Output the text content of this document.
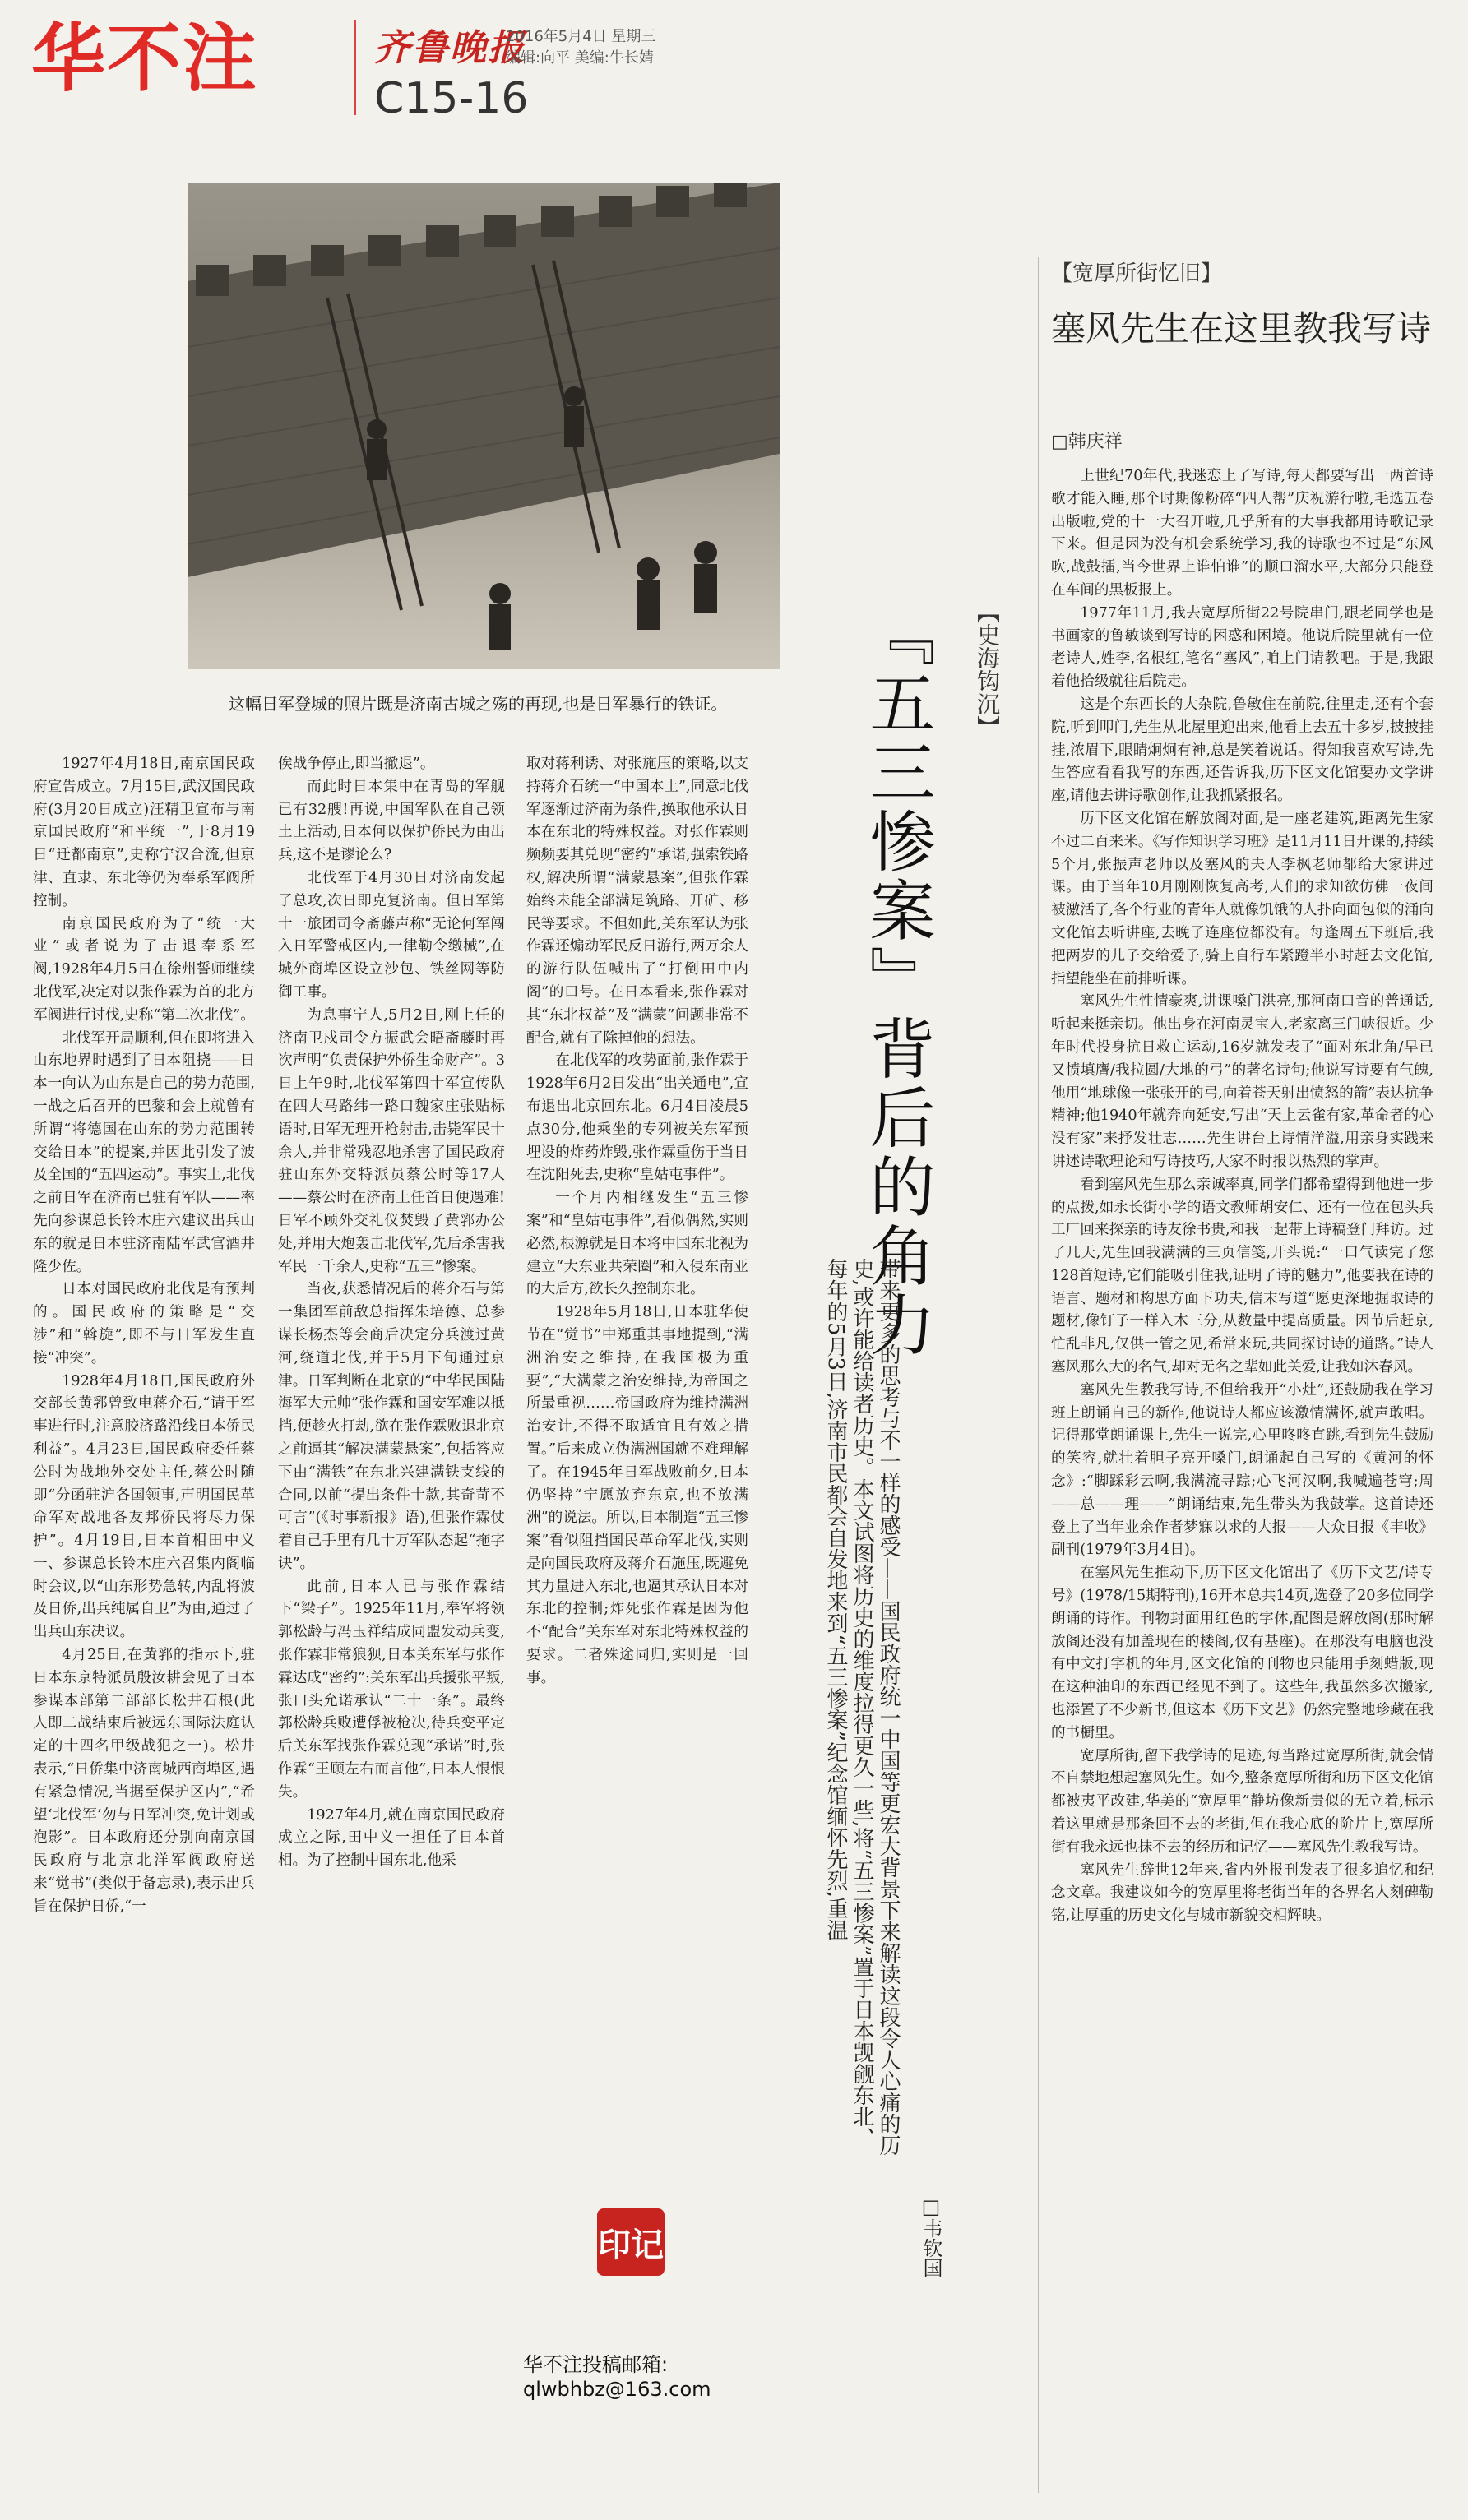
华不注	齐鲁晚报
C15-16
2016年5月4日 星期三
编辑:向平 美编:牛长婧
这幅日军登城的照片既是济南古城之殇的再现,也是日军暴行的铁证。	【史海钩沉】
『五三惨案』背后的角力
带来更多的思考与不一样的感受——国民政府统一中国等更宏大背景下来解读这段令人心痛的历史,或许能给读者历史。本文试图将历史的维度拉得更久一些,将“五三惨案”置于日本觊觎东北、每年的5月3日,济南市民都会自发地来到“五三惨案”纪念馆缅怀先烈,重温
□韦钦国

1927年4月18日,南京国民政府宣告成立。7月15日,武汉国民政府(3月20日成立)汪精卫宣布与南京国民政府“和平统一”,于8月19日“迁都南京”,史称宁汉合流,但京津、直隶、东北等仍为奉系军阀所控制。

南京国民政府为了“统一大业”或者说为了击退奉系军阀,1928年4月5日在徐州誓师继续北伐军,决定对以张作霖为首的北方军阀进行讨伐,史称“第二次北伐”。

北伐军开局顺利,但在即将进入山东地界时遇到了日本阻挠——日本一向认为山东是自己的势力范围,一战之后召开的巴黎和会上就曾有所谓“将德国在山东的势力范围转交给日本”的提案,并因此引发了波及全国的“五四运动”。事实上,北伐之前日军在济南已驻有军队——率先向参谋总长铃木庄六建议出兵山东的就是日本驻济南陆军武官酒井隆少佐。

日本对国民政府北伐是有预判的。国民政府的策略是“交涉”和“斡旋”,即不与日军发生直接“冲突”。

1928年4月18日,国民政府外交部长黄郛曾致电蒋介石,“请于军事进行时,注意胶济路沿线日本侨民利益”。4月23日,国民政府委任蔡公时为战地外交处主任,蔡公时随即“分函驻沪各国领事,声明国民革命军对战地各友邦侨民将尽力保护”。4月19日,日本首相田中义一、参谋总长铃木庄六召集内阁临时会议,以“山东形势急转,内乱将波及日侨,出兵纯属自卫”为由,通过了出兵山东决议。

4月25日,在黄郛的指示下,驻日本东京特派员殷汝耕会见了日本参谋本部第二部部长松井石根(此人即二战结束后被远东国际法庭认定的十四名甲级战犯之一)。松井表示,“日侨集中济南城西商埠区,遇有紧急情况,当据至保护区内”,“希望‘北伐军’勿与日军冲突,免计划或泡影”。日本政府还分别向南京国民政府与北京北洋军阀政府送来“觉书”(类似于备忘录),表示出兵旨在保护日侨,“一

俟战争停止,即当撤退”。

而此时日本集中在青岛的军舰已有32艘!再说,中国军队在自己领土上活动,日本何以保护侨民为由出兵,这不是谬论么?

北伐军于4月30日对济南发起了总攻,次日即克复济南。但日军第十一旅团司令斋藤声称“无论何军闯入日军警戒区内,一律勒令缴械”,在城外商埠区设立沙包、铁丝网等防御工事。

为息事宁人,5月2日,刚上任的济南卫戍司令方振武会晤斋藤时再次声明“负责保护外侨生命财产”。3日上午9时,北伐军第四十军宣传队在四大马路纬一路口魏家庄张贴标语时,日军无理开枪射击,击毙军民十余人,并非常残忍地杀害了国民政府驻山东外交特派员蔡公时等17人——蔡公时在济南上任首日便遇难!日军不顾外交礼仪焚毁了黄郛办公处,并用大炮轰击北伐军,先后杀害我军民一千余人,史称“五三”惨案。

当夜,获悉情况后的蒋介石与第一集团军前敌总指挥朱培德、总参谋长杨杰等会商后决定分兵渡过黄河,绕道北伐,并于5月下旬通过京津。日军判断在北京的“中华民国陆海军大元帅”张作霖和国安军难以抵挡,便趁火打劫,欲在张作霖败退北京之前逼其“解决满蒙悬案”,包括答应下由“满铁”在东北兴建满铁支线的合同,以前“提出条件十款,其奇苛不可言”(《时事新报》语),但张作霖仗着自己手里有几十万军队态起“拖字诀”。

此前,日本人已与张作霖结下“梁子”。1925年11月,奉军将领郭松龄与冯玉祥结成同盟发动兵变,张作霖非常狼狈,日本关东军与张作霖达成“密约”:关东军出兵援张平叛,张口头允诺承认“二十一条”。最终郭松龄兵败遭俘被枪决,待兵变平定后关东军找张作霖兑现“承诺”时,张作霖“王顾左右而言他”,日本人恨恨失。

1927年4月,就在南京国民政府成立之际,田中义一担任了日本首相。为了控制中国东北,他采

取对蒋利诱、对张施压的策略,以支持蒋介石统一“中国本土”,同意北伐军逐渐过济南为条件,换取他承认日本在东北的特殊权益。对张作霖则频频要其兑现“密约”承诺,强索铁路权,解决所谓“满蒙悬案”,但张作霖始终未能全部满足筑路、开矿、移民等要求。不但如此,关东军认为张作霖还煽动军民反日游行,两万余人的游行队伍喊出了“打倒田中内阁”的口号。在日本看来,张作霖对其“东北权益”及“满蒙”问题非常不配合,就有了除掉他的想法。

在北伐军的攻势面前,张作霖于1928年6月2日发出“出关通电”,宣布退出北京回东北。6月4日凌晨5点30分,他乘坐的专列被关东军预埋设的炸药炸毁,张作霖重伤于当日在沈阳死去,史称“皇姑屯事件”。

一个月内相继发生“五三惨案”和“皇姑屯事件”,看似偶然,实则必然,根源就是日本将中国东北视为建立“大东亚共荣圈”和入侵东南亚的大后方,欲长久控制东北。

1928年5月18日,日本驻华使节在“觉书”中郑重其事地提到,“满洲治安之维持,在我国极为重要”,“大满蒙之治安维持,为帝国之所最重视……帝国政府为维持满洲治安计,不得不取适宜且有效之措置。”后来成立伪满洲国就不难理解了。在1945年日军战败前夕,日本仍坚持“宁愿放弃东京,也不放满洲”的说法。所以,日本制造“五三惨案”看似阻挡国民革命军北伐,实则是向国民政府及蒋介石施压,既避免其力量进入东北,也逼其承认日本对东北的控制;炸死张作霖是因为他不“配合”关东军对东北特殊权益的要求。二者殊途同归,实则是一回事。

印记
华不注投稿邮箱:
qlwbhbz@163.com
【宽厚所街忆旧】
塞风先生在这里教我写诗
□韩庆祥

上世纪70年代,我迷恋上了写诗,每天都要写出一两首诗歌才能入睡,那个时期像粉碎“四人帮”庆祝游行啦,毛选五卷出版啦,党的十一大召开啦,几乎所有的大事我都用诗歌记录下来。但是因为没有机会系统学习,我的诗歌也不过是“东风吹,战鼓擂,当今世界上谁怕谁”的顺口溜水平,大部分只能登在车间的黑板报上。

1977年11月,我去宽厚所街22号院串门,跟老同学也是书画家的鲁敏谈到写诗的困惑和困境。他说后院里就有一位老诗人,姓李,名根红,笔名“塞风”,咱上门请教吧。于是,我跟着他拾级就往后院走。

这是个东西长的大杂院,鲁敏住在前院,往里走,还有个套院,听到叩门,先生从北屋里迎出来,他看上去五十多岁,披披挂挂,浓眉下,眼睛炯炯有神,总是笑着说话。得知我喜欢写诗,先生答应看看我写的东西,还告诉我,历下区文化馆要办文学讲座,请他去讲诗歌创作,让我抓紧报名。

历下区文化馆在解放阁对面,是一座老建筑,距离先生家不过二百来米。《写作知识学习班》是11月11日开课的,持续5个月,张振声老师以及塞风的夫人李枫老师都给大家讲过课。由于当年10月刚刚恢复高考,人们的求知欲仿佛一夜间被激活了,各个行业的青年人就像饥饿的人扑向面包似的涌向文化馆去听讲座,去晚了连座位都没有。每逢周五下班后,我把两岁的儿子交给爱子,骑上自行车紧蹬半小时赶去文化馆,指望能坐在前排听课。

塞风先生性情豪爽,讲课嗓门洪亮,那河南口音的普通话,听起来挺亲切。他出身在河南灵宝人,老家离三门峡很近。少年时代投身抗日救亡运动,16岁就发表了“面对东北角/早已又愤填膺/我拉圆/大地的弓”的著名诗句;他说写诗要有气魄,他用“地球像一张张开的弓,向着苍天射出愤怒的箭”表达抗争精神;他1940年就奔向延安,写出“天上云雀有家,革命者的心没有家”来抒发壮志……先生讲台上诗情洋溢,用亲身实践来讲述诗歌理论和写诗技巧,大家不时报以热烈的掌声。

看到塞风先生那么亲诚率真,同学们都希望得到他进一步的点拨,如永长街小学的语文教师胡安仁、还有一位在包头兵工厂回来探亲的诗友徐书贵,和我一起带上诗稿登门拜访。过了几天,先生回我满满的三页信笺,开头说:“一口气读完了您128首短诗,它们能吸引住我,证明了诗的魅力”,他要我在诗的语言、题材和构思方面下功夫,信末写道“愿更深地掘取诗的题材,像钉子一样入木三分,从数量中提高质量。因节后赶京,忙乱非凡,仅供一管之见,希常来玩,共同探讨诗的道路。”诗人塞风那么大的名气,却对无名之辈如此关爱,让我如沐春风。

塞风先生教我写诗,不但给我开“小灶”,还鼓励我在学习班上朗诵自己的新作,他说诗人都应该激情满怀,就声敢唱。记得那堂朗诵课上,先生一说完,心里咚咚直跳,看到先生鼓励的笑容,就壮着胆子亮开嗓门,朗诵起自己写的《黄河的怀念》:“脚踩彩云啊,我满流寻踪;心飞河汉啊,我喊遍苍穹;周——总——理——”朗诵结束,先生带头为我鼓掌。这首诗还登上了当年业余作者梦寐以求的大报——大众日报《丰收》副刊(1979年3月4日)。

在塞风先生推动下,历下区文化馆出了《历下文艺/诗专号》(1978/15期特刊),16开本总共14页,选登了20多位同学朗诵的诗作。刊物封面用红色的字体,配图是解放阁(那时解放阁还没有加盖现在的楼阁,仅有基座)。在那没有电脑也没有中文打字机的年月,区文化馆的刊物也只能用手刻蜡版,现在这种油印的东西已经见不到了。这些年,我虽然多次搬家,也添置了不少新书,但这本《历下文艺》仍然完整地珍藏在我的书橱里。

宽厚所街,留下我学诗的足迹,每当路过宽厚所街,就会情不自禁地想起塞风先生。如今,整条宽厚所街和历下区文化馆都被夷平改建,华美的“宽厚里”静坊像新贵似的无立着,标示着这里就是那条回不去的老街,但在我心底的阶片上,宽厚所街有我永远也抹不去的经历和记忆——塞风先生教我写诗。

塞风先生辞世12年来,省内外报刊发表了很多追忆和纪念文章。我建议如今的宽厚里将老街当年的各界名人刻碑勒铭,让厚重的历史文化与城市新貌交相辉映。
